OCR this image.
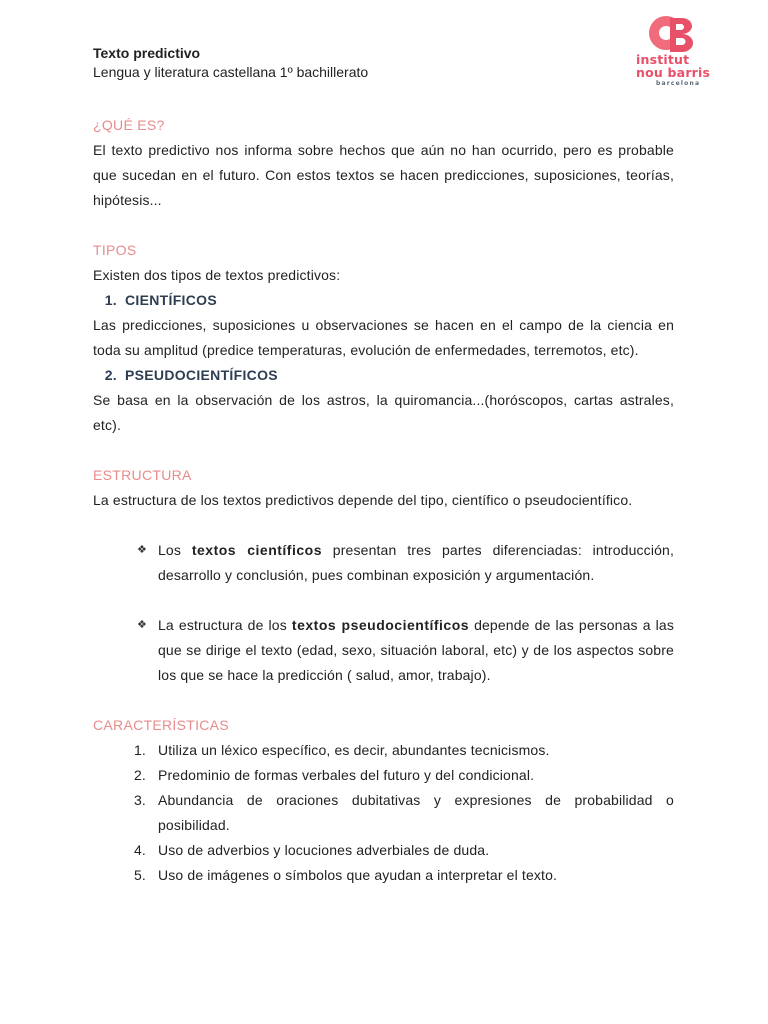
institut
nou barris
barcelona
Texto predictivo
Lengua y literatura castellana 1º bachillerato
¿QUÉ ES?

El texto predictivo nos informa sobre hechos que aún no han ocurrido, pero es probable que sucedan en el futuro. Con estos textos se hacen predicciones, suposiciones, teorías, hipótesis...

TIPOS

Existen dos tipos de textos predictivos:

1. CIENTÍFICOS

Las predicciones, suposiciones u observaciones se hacen en el campo de la ciencia en toda su amplitud (predice temperaturas, evolución de enfermedades, terremotos, etc).

2. PSEUDOCIENTÍFICOS

Se basa en la observación de los astros, la quiromancia...(horóscopos, cartas astrales, etc).

ESTRUCTURA

La estructura de los textos predictivos depende del tipo, científico o pseudocientífico.

❖ Los textos científicos presentan tres partes diferenciadas: introducción, desarrollo y conclusión, pues combinan exposición y argumentación.
❖ La estructura de los textos pseudocientíficos depende de las personas a las que se dirige el texto (edad, sexo, situación laboral, etc) y de los aspectos sobre los que se hace la predicción ( salud, amor, trabajo).
CARACTERÍSTICAS
1. Utiliza un léxico específico, es decir, abundantes tecnicismos.
2. Predominio de formas verbales del futuro y del condicional.
3. Abundancia de oraciones dubitativas y expresiones de probabilidad o posibilidad.
4. Uso de adverbios y locuciones adverbiales de duda.
5. Uso de imágenes o símbolos que ayudan a interpretar el texto.
